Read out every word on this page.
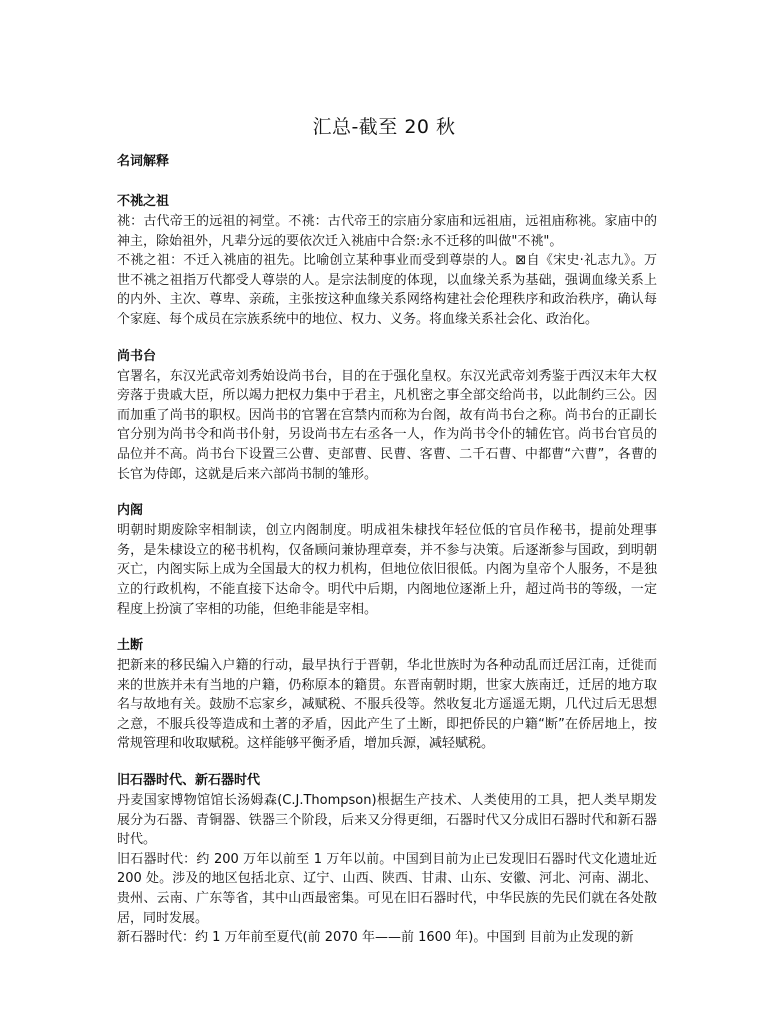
汇总-截至 20 秋

名词解释

不祧之祖

祧：古代帝王的远祖的祠堂。不祧：古代帝王的宗庙分家庙和远祖庙，远祖庙称祧。家庙中的神主，除始祖外，凡辈分远的要依次迁入祧庙中合祭:永不迁移的叫做"不祧"。

不祧之祖：不迁入祧庙的祖先。比喻创立某种事业而受到尊崇的人。⊠自《宋史·礼志九》。万世不祧之祖指万代都受人尊崇的人。是宗法制度的体现，以血缘关系为基础，强调血缘关系上的内外、主次、尊卑、亲疏，主张按这种血缘关系网络构建社会伦理秩序和政治秩序，确认每个家庭、每个成员在宗族系统中的地位、权力、义务。将血缘关系社会化、政治化。

尚书台

官署名，东汉光武帝刘秀始设尚书台，目的在于强化皇权。东汉光武帝刘秀鉴于西汉末年大权旁落于贵戚大臣，所以竭力把权力集中于君主，凡机密之事全部交给尚书，以此制约三公。因而加重了尚书的职权。因尚书的官署在宫禁内而称为台阁，故有尚书台之称。尚书台的正副长官分别为尚书令和尚书仆射，另设尚书左右丞各一人，作为尚书令仆的辅佐官。尚书台官员的品位并不高。尚书台下设置三公曹、吏部曹、民曹、客曹、二千石曹、中都曹“六曹”，各曹的长官为侍郎，这就是后来六部尚书制的雏形。

内阁

明朝时期废除宰相制读，创立内阁制度。明成祖朱棣找年轻位低的官员作秘书，提前处理事务，是朱棣设立的秘书机构，仅备顾问兼协理章奏，并不参与决策。后逐渐参与国政，到明朝灭亡，内阁实际上成为全国最大的权力机构，但地位依旧很低。内阁为皇帝个人服务，不是独立的行政机构，不能直接下达命令。明代中后期，内阁地位逐渐上升，超过尚书的等级，一定程度上扮演了宰相的功能，但绝非能是宰相。

土断

把新来的移民编入户籍的行动，最早执行于晋朝，华北世族时为各种动乱而迁居江南，迁徙而来的世族并未有当地的户籍，仍称原本的籍贯。东晋南朝时期，世家大族南迁，迁居的地方取名与故地有关。鼓励不忘家乡，减赋税、不服兵役等。然收复北方遥遥无期，几代过后无思想之意，不服兵役等造成和土著的矛盾，因此产生了土断，即把侨民的户籍“断”在侨居地上，按常规管理和收取赋税。这样能够平衡矛盾，增加兵源，减轻赋税。

旧石器时代、新石器时代

丹麦国家博物馆馆长汤姆森(C.J.Thompson)根据生产技术、人类使用的工具，把人类早期发展分为石器、青铜器、铁器三个阶段，后来又分得更细，石器时代又分成旧石器时代和新石器时代。

旧石器时代：约 200 万年以前至 1 万年以前。中国到目前为止已发现旧石器时代文化遗址近 200 处。涉及的地区包括北京、辽宁、山西、陕西、甘肃、山东、安徽、河北、河南、湖北、贵州、云南、广东等省，其中山西最密集。可见在旧石器时代，中华民族的先民们就在各处散居，同时发展。

新石器时代：约 1 万年前至夏代(前 2070 年——前 1600 年)。中国到 目前为止发现的新
